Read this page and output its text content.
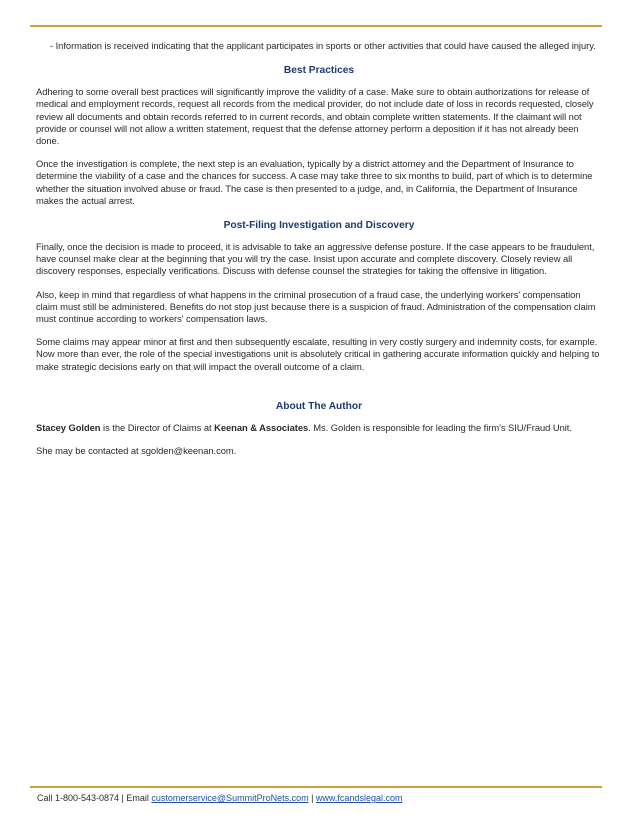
- Information is received indicating that the applicant participates in sports or other activities that could have caused the alleged injury.

Best Practices

Adhering to some overall best practices will significantly improve the validity of a case. Make sure to obtain authorizations for release of medical and employment records, request all records from the medical provider, do not include date of loss in records requested, closely review all documents and obtain records referred to in current records, and obtain complete written statements. If the claimant will not provide or counsel will not allow a written statement, request that the defense attorney perform a deposition if it has not already been done.

Once the investigation is complete, the next step is an evaluation, typically by a district attorney and the Department of Insurance to determine the viability of a case and the chances for success. A case may take three to six months to build, part of which is to determine whether the situation involved abuse or fraud. The case is then presented to a judge, and, in California, the Department of Insurance makes the actual arrest.

Post-Filing Investigation and Discovery

Finally, once the decision is made to proceed, it is advisable to take an aggressive defense posture. If the case appears to be fraudulent, have counsel make clear at the beginning that you will try the case. Insist upon accurate and complete discovery. Closely review all discovery responses, especially verifications. Discuss with defense counsel the strategies for taking the offensive in litigation.

Also, keep in mind that regardless of what happens in the criminal prosecution of a fraud case, the underlying workers' compensation claim must still be administered. Benefits do not stop just because there is a suspicion of fraud. Administration of the compensation claim must continue according to workers' compensation laws.

Some claims may appear minor at first and then subsequently escalate, resulting in very costly surgery and indemnity costs, for example. Now more than ever, the role of the special investigations unit is absolutely critical in gathering accurate information quickly and helping to make strategic decisions early on that will impact the overall outcome of a claim.

About The Author

Stacey Golden is the Director of Claims at Keenan & Associates. Ms. Golden is responsible for leading the firm's SIU/Fraud Unit.

She may be contacted at sgolden@keenan.com.

Call 1-800-543-0874 | Email customerservice@SummitProNets.com | www.fcandslegal.com
